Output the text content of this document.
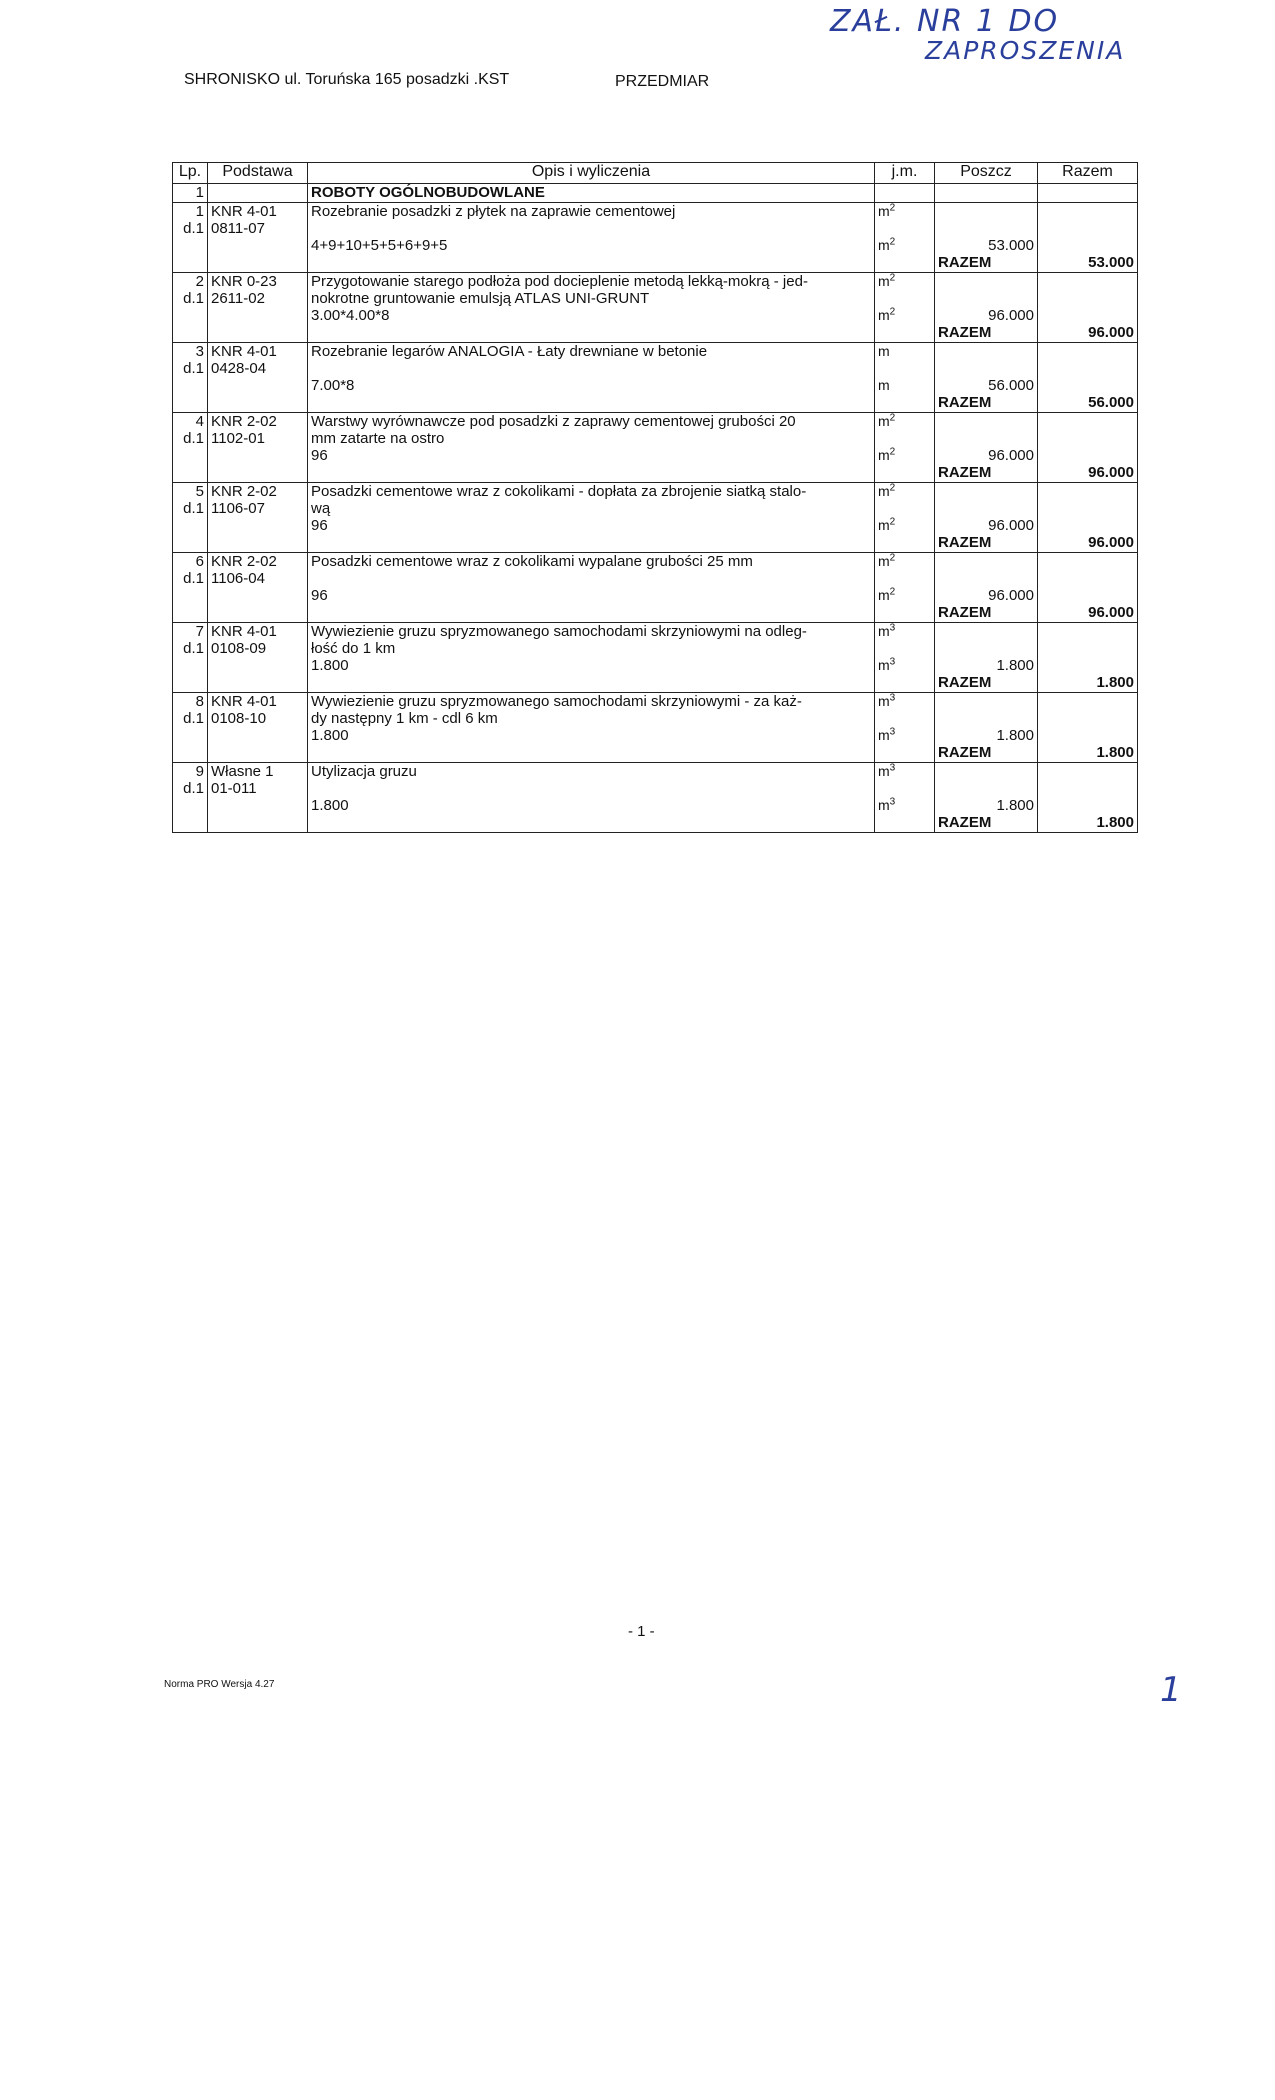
ZAŁ. NR 1 DO
ZAPROSZENIA
1
SHRONISKO ul. Toruńska 165 posadzki .KST	PRZEDMIAR
Lp.	Podstawa	Opis i wyliczenia	j.m.	Poszcz	Razem
1		ROBOTY OGÓLNOBUDOWLANE			
1	KNR 4-01	Rozebranie posadzki z płytek na zaprawie cementowej	$m^2$		
d.1	0811-07				
		4+9+10+5+5+6+9+5	$m^2$	53.000	
				RAZEM	53.000
2	KNR 0-23	Przygotowanie starego podłoża pod docieplenie metodą lekką-mokrą - jed-	$m^2$		
d.1	2611-02	nokrotne gruntowanie emulsją ATLAS UNI-GRUNT			
		3.00*4.00*8	$m^2$	96.000	
				RAZEM	96.000
3	KNR 4-01	Rozebranie legarów ANALOGIA - Łaty drewniane w betonie	m		
d.1	0428-04				
		7.00*8	m	56.000	
				RAZEM	56.000
4	KNR 2-02	Warstwy wyrównawcze pod posadzki z zaprawy cementowej grubości 20	$m^2$		
d.1	1102-01	mm zatarte na ostro			
		96	$m^2$	96.000	
				RAZEM	96.000
5	KNR 2-02	Posadzki cementowe wraz z cokolikami - dopłata za zbrojenie siatką stalo-	$m^2$		
d.1	1106-07	wą			
		96	$m^2$	96.000	
				RAZEM	96.000
6	KNR 2-02	Posadzki cementowe wraz z cokolikami wypalane grubości 25 mm	$m^2$		
d.1	1106-04				
		96	$m^2$	96.000	
				RAZEM	96.000
7	KNR 4-01	Wywiezienie gruzu spryzmowanego samochodami skrzyniowymi na odleg-	$m^3$		
d.1	0108-09	łość do 1 km			
		1.800	$m^3$	1.800	
				RAZEM	1.800
8	KNR 4-01	Wywiezienie gruzu spryzmowanego samochodami skrzyniowymi - za każ-	$m^3$		
d.1	0108-10	dy następny 1 km - cdl 6 km			
		1.800	$m^3$	1.800	
				RAZEM	1.800
9	Własne 1	Utylizacja gruzu	$m^3$		
d.1	01-011				
		1.800	$m^3$	1.800	
				RAZEM	1.800
- 1 -
Norma PRO Wersja 4.27
